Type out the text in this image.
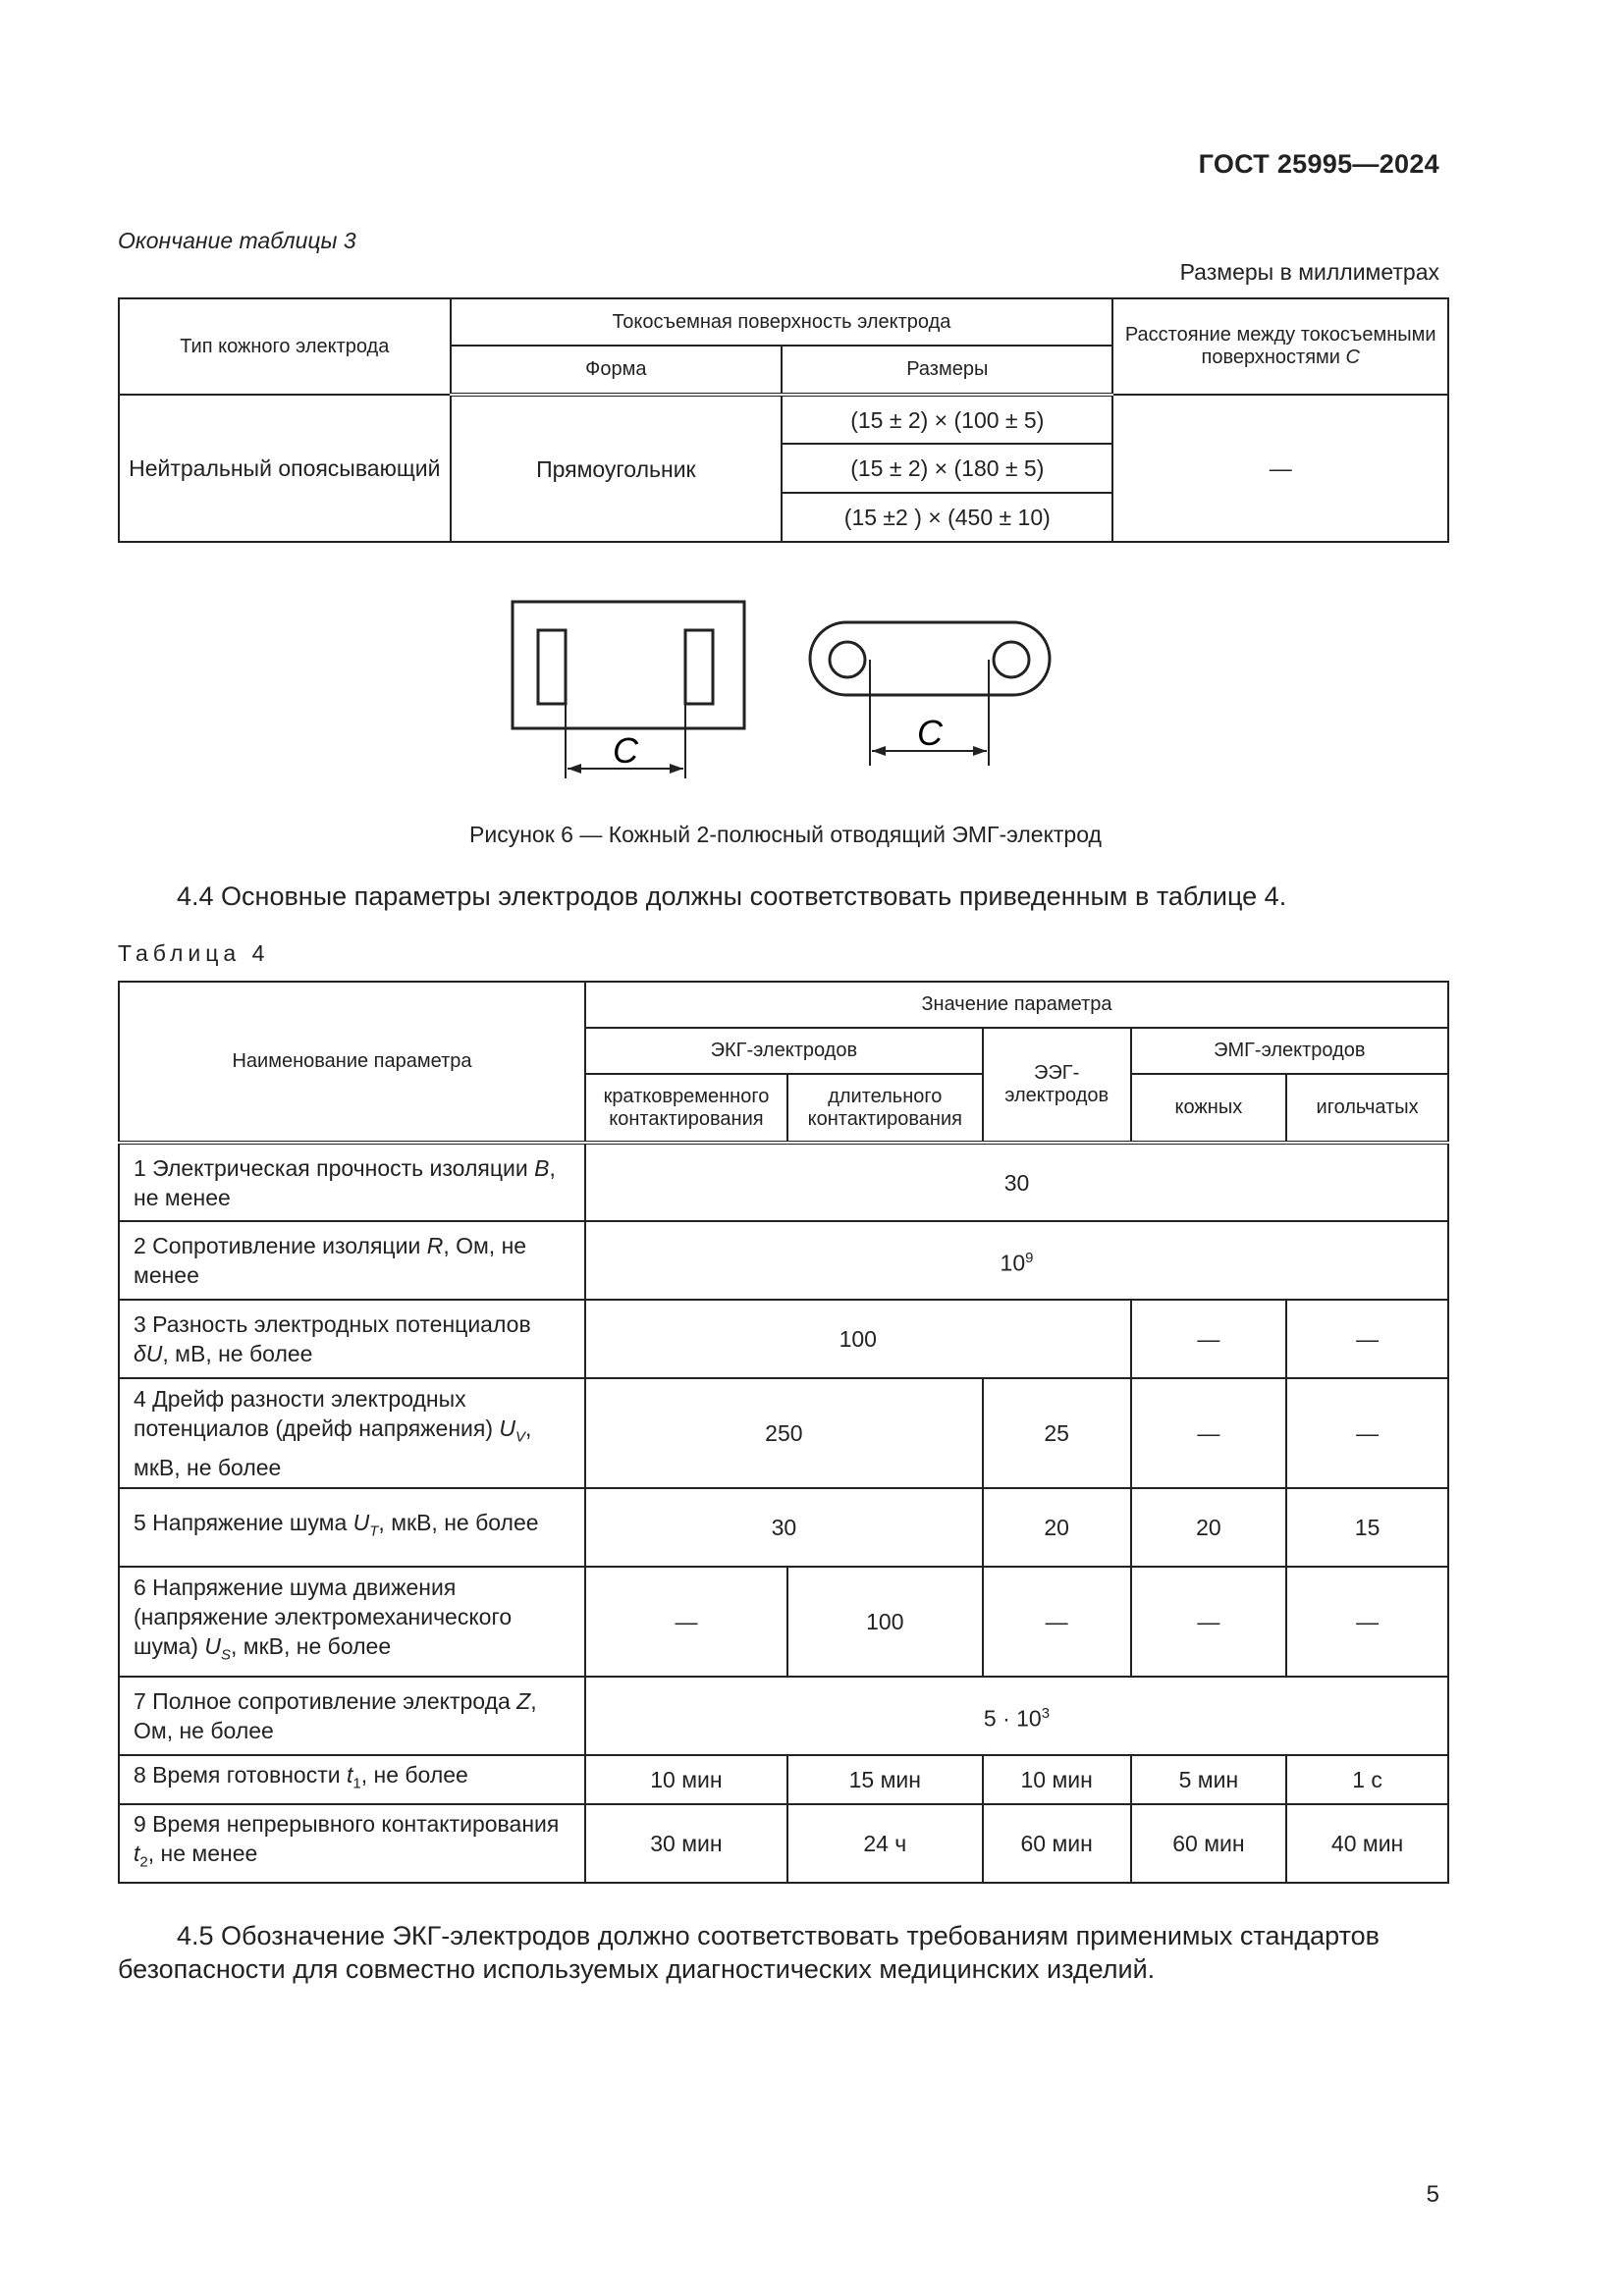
ГОСТ 25995—2024
Окончание таблицы 3
Размеры в миллиметрах
Тип кожного электрода	Токосъемная поверхность электрода		Расстояние между токосъемными поверхностями C
	Форма	Размеры	
Нейтральный опоясывающий	Прямоугольник	(15 ± 2) × (100 ± 5)	—
		(15 ± 2) × (180 ± 5)	
		(15 ±2 ) × (450 ± 10)	
C	C
Рисунок 6 — Кожный 2-полюсный отводящий ЭМГ-электрод
4.4 Основные параметры электродов должны соответствовать приведенным в таблице 4.
Таблица 4
Наименование параметра	Значение параметра				
	ЭКГ-электродов		ЭЭГ-электродов	ЭМГ-электродов	
	кратковременного контактирования	длительного контактирования		кожных	игольчатых
1 Электрическая прочность изоляции B, не менее	30				
2 Сопротивление изоляции R, Ом, не менее	$10^9$
3 Разность электродных потенциалов δU, мВ, не более	100			—	—
4 Дрейф разности электродных потенциалов (дрейф напряжения) $U_V$, мкВ, не более	250		25	—	—
5 Напряжение шума $U_T$, мкВ, не более	30		20	20	15
6 Напряжение шума движения (напряжение электромеханического шума) $U_S$, мкВ, не более	—	100	—	—	—
7 Полное сопротивление электрода Z, Ом, не более	$5 \cdot 10^3$
8 Время готовности $t_1$, не более	10 мин	15 мин	10 мин	5 мин	1 с
9 Время непрерывного контактирования $t_2$, не менее	30 мин	24 ч	60 мин	60 мин	40 мин
4.5 Обозначение ЭКГ-электродов должно соответствовать требованиям применимых стандартов безопасности для совместно используемых диагностических медицинских изделий.
5
